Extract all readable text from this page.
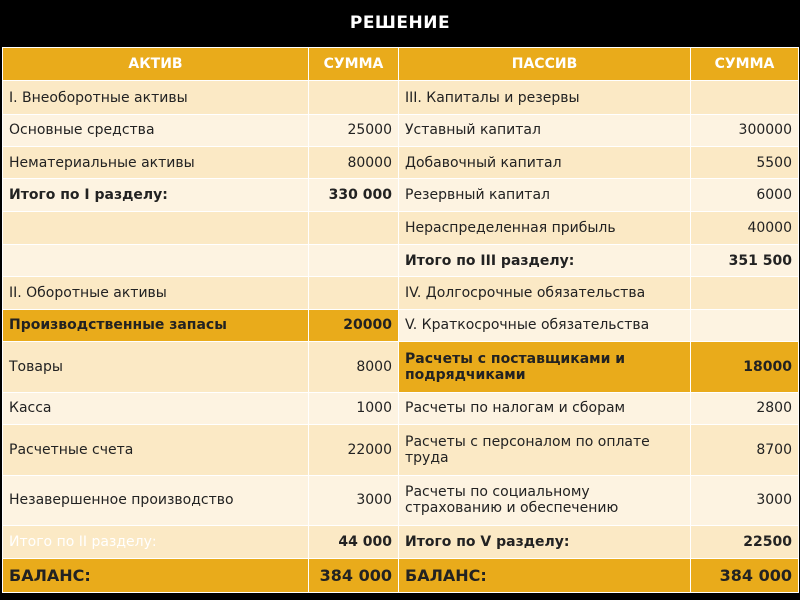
РЕШЕНИЕ
АКТИВ	СУММА	ПАССИВ	СУММА
I. Внеоборотные активы		III. Капиталы и резервы	
Основные средства	25000	Уставный капитал	300000
Нематериальные активы	80000	Добавочный капитал	5500
Итого по I разделу:	330 000	Резервный капитал	6000
		Нераспределенная прибыль	40000
		Итого по III разделу:	351 500
II. Оборотные активы		IV. Долгосрочные обязательства	
Производственные запасы	20000	V. Краткосрочные обязательства	
Товары	8000	Расчеты с поставщиками и подрядчиками	18000
Касса	1000	Расчеты по налогам и сборам	2800
Расчетные счета	22000	Расчеты с персоналом по оплате труда	8700
Незавершенное производство	3000	Расчеты по социальному страхованию и обеспечению	3000
Итого по II разделу:	44 000	Итого по V разделу:	22500
БАЛАНС:	384 000	БАЛАНС:	384 000
